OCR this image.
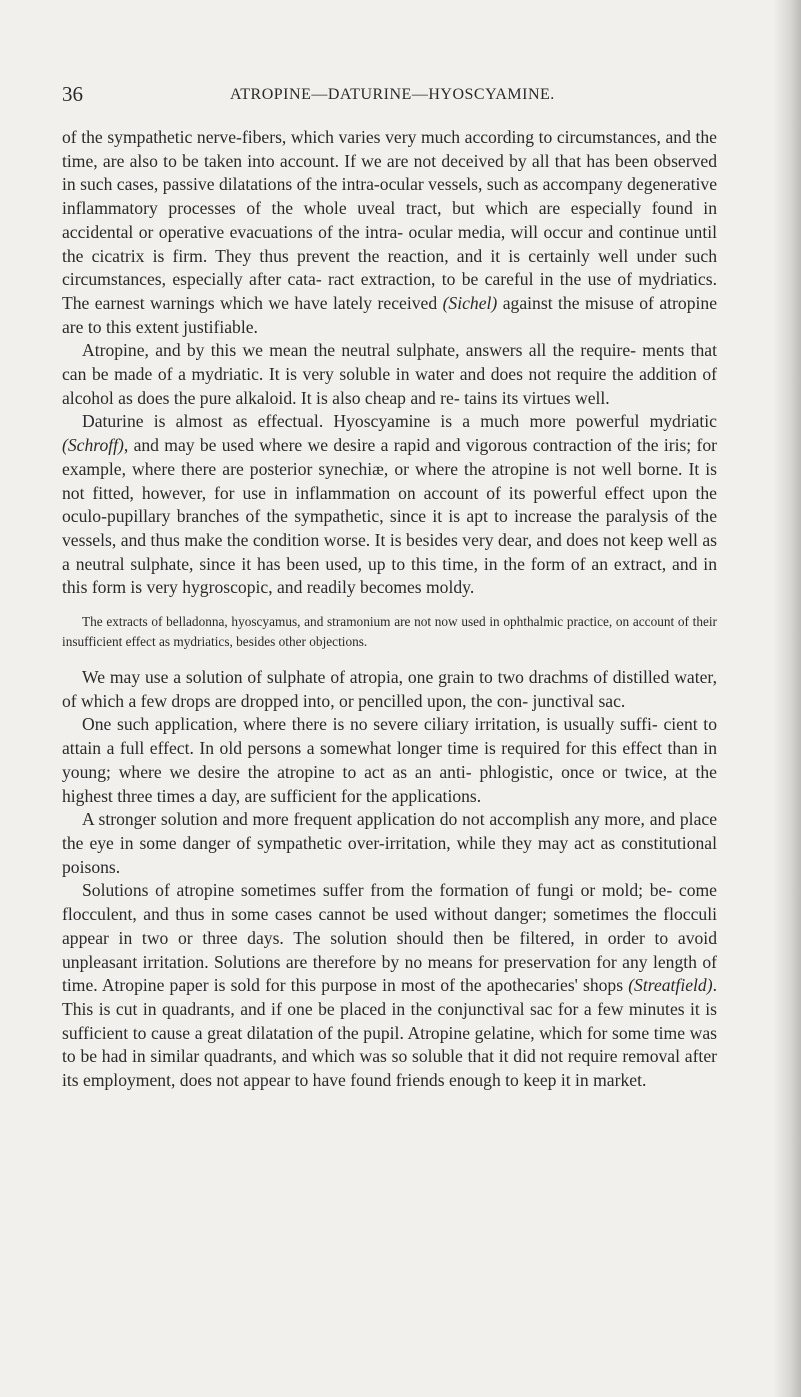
36	ATROPINE—DATURINE—HYOSCYAMINE.

of the sympathetic nerve-fibers, which varies very much according to circumstances, and the time, are also to be taken into account. If we are not deceived by all that has been observed in such cases, passive dilatations of the intra-ocular vessels, such as accompany degenerative inflammatory processes of the whole uveal tract, but which are especially found in accidental or operative evacuations of the intra- ocular media, will occur and continue until the cicatrix is firm. They thus prevent the reaction, and it is certainly well under such circumstances, especially after cata- ract extraction, to be careful in the use of mydriatics. The earnest warnings which we have lately received (Sichel) against the misuse of atropine are to this extent justifiable.

Atropine, and by this we mean the neutral sulphate, answers all the require- ments that can be made of a mydriatic. It is very soluble in water and does not require the addition of alcohol as does the pure alkaloid. It is also cheap and re- tains its virtues well.

Daturine is almost as effectual. Hyoscyamine is a much more powerful mydriatic (Schroff), and may be used where we desire a rapid and vigorous contraction of the iris; for example, where there are posterior synechiæ, or where the atropine is not well borne. It is not fitted, however, for use in inflammation on account of its powerful effect upon the oculo-pupillary branches of the sympathetic, since it is apt to increase the paralysis of the vessels, and thus make the condition worse. It is besides very dear, and does not keep well as a neutral sulphate, since it has been used, up to this time, in the form of an extract, and in this form is very hygroscopic, and readily becomes moldy.

The extracts of belladonna, hyoscyamus, and stramonium are not now used in ophthalmic practice, on account of their insufficient effect as mydriatics, besides other objections.

We may use a solution of sulphate of atropia, one grain to two drachms of distilled water, of which a few drops are dropped into, or pencilled upon, the con- junctival sac.

One such application, where there is no severe ciliary irritation, is usually suffi- cient to attain a full effect. In old persons a somewhat longer time is required for this effect than in young; where we desire the atropine to act as an anti- phlogistic, once or twice, at the highest three times a day, are sufficient for the applications.

A stronger solution and more frequent application do not accomplish any more, and place the eye in some danger of sympathetic over-irritation, while they may act as constitutional poisons.

Solutions of atropine sometimes suffer from the formation of fungi or mold; be- come flocculent, and thus in some cases cannot be used without danger; sometimes the flocculi appear in two or three days. The solution should then be filtered, in order to avoid unpleasant irritation. Solutions are therefore by no means for preservation for any length of time. Atropine paper is sold for this purpose in most of the apothecaries' shops (Streatfield). This is cut in quadrants, and if one be placed in the conjunctival sac for a few minutes it is sufficient to cause a great dilatation of the pupil. Atropine gelatine, which for some time was to be had in similar quadrants, and which was so soluble that it did not require removal after its employment, does not appear to have found friends enough to keep it in market.
